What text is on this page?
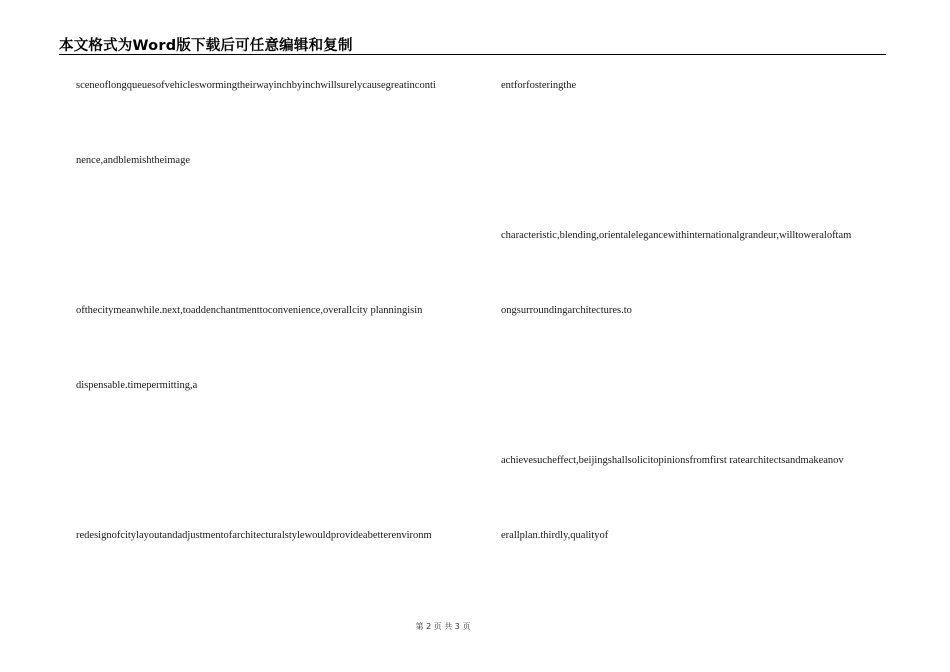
本文格式为Word版下载后可任意编辑和复制
sceneoflongqueuesofvehicleswormingtheirwayinchbyinchwillsurelycausegreatinconti
nence,andblemishtheimage
ofthecitymeanwhile.next,toaddenchantmenttoconvenience,overallcity planningisin
dispensable.timepermitting,a
redesignofcitylayoutandadjustmentofarchitecturalstylewouldprovideabetterenvironm
entforfosteringthe
characteristic,blending,orientalelegancewithinternationalgrandeur,willtoweraloftam
ongsurroundingarchitectures.to
achievesucheffect,beijingshallsolicitopinionsfromfirst ratearchitectsandmakeanov
erallplan.thirdly,qualityof
第 2 页 共 3 页
